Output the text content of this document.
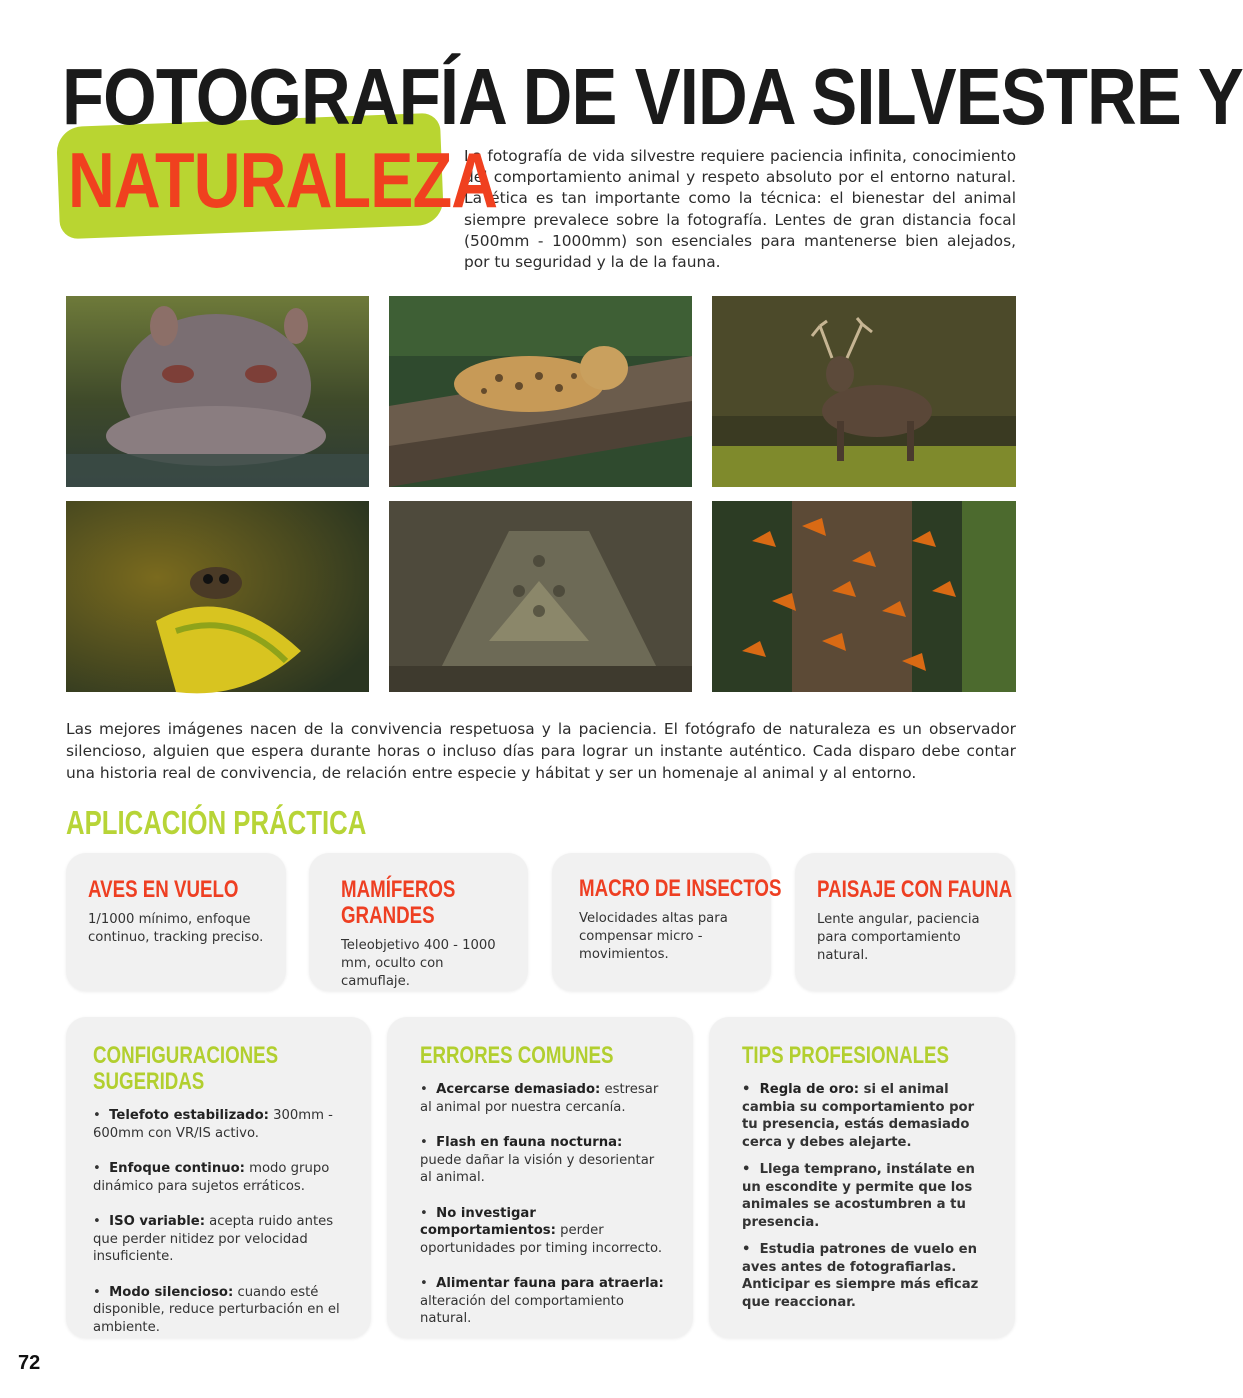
FOTOGRAFÍA DE VIDA SILVESTRE Y
NATURALEZA

La fotografía de vida silvestre requiere paciencia infinita, conocimiento del comportamiento animal y respeto absoluto por el entorno natural. La ética es tan importante como la técnica: el bienestar del animal siempre prevalece sobre la fotografía. Lentes de gran distancia focal (500mm - 1000mm) son esenciales para mantenerse bien alejados, por tu seguridad y la de la fauna.

Las mejores imágenes nacen de la convivencia respetuosa y la paciencia. El fotógrafo de naturaleza es un observador silencioso, alguien que espera durante horas o incluso días para lograr un instante auténtico. Cada disparo debe contar una historia real de convivencia, de relación entre especie y hábitat y ser un homenaje al animal y al entorno.

APLICACIÓN PRÁCTICA
AVES EN VUELO

1/1000 mínimo, enfoque continuo, tracking preciso.

MAMÍFEROS
GRANDES

Teleobjetivo 400 - 1000 mm, oculto con camuflaje.

MACRO DE INSECTOS

Velocidades altas para compensar micro - movimientos.

PAISAJE CON FAUNA

Lente angular, paciencia para comportamiento natural.

CONFIGURACIONES
SUGERIDAS
•  Telefoto estabilizado: 300mm - 600mm con VR/IS activo.
•  Enfoque continuo: modo grupo dinámico para sujetos erráticos.
•  ISO variable: acepta ruido antes que perder nitidez por velocidad insuficiente.
•  Modo silencioso: cuando esté disponible, reduce perturbación en el ambiente.
ERRORES COMUNES
•  Acercarse demasiado: estresar al animal por nuestra cercanía.
•  Flash en fauna nocturna: puede dañar la visión y desorientar al animal.
•  No investigar comportamientos: perder oportunidades por timing incorrecto.
•  Alimentar fauna para atraerla: alteración del comportamiento natural.
TIPS PROFESIONALES
•  Regla de oro: si el animal cambia su comportamiento por tu presencia, estás demasiado cerca y debes alejarte.
•  Llega temprano, instálate en un escondite y permite que los animales se acostumbren a tu presencia.
•  Estudia patrones de vuelo en aves antes de fotografiarlas. Anticipar es siempre más eficaz que reaccionar.
72
